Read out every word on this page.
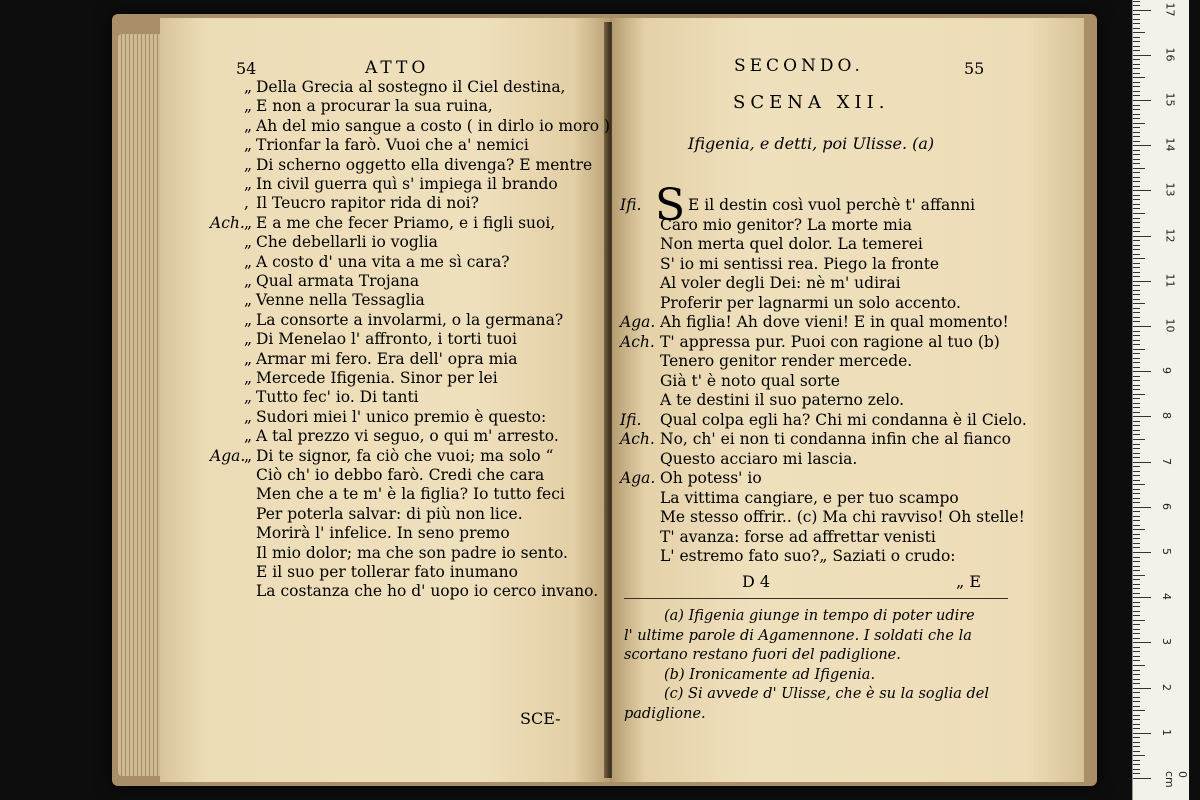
54	ATTO
„ Della Grecia al sostegno il Ciel destina,
„ E non a procurar la sua ruina,
„ Ah del mio sangue a costo ( in dirlo io moro )
„ Trionfar la farò. Vuoi che a' nemici
„ Di scherno oggetto ella divenga? E mentre
„ In civil guerra quì s' impiega il brando
, Il Teucro rapitor rida di noi?
Ach.„ E a me che fecer Priamo, e i figli suoi,
„ Che debellarli io voglia
„ A costo d' una vita a me sì cara?
„ Qual armata Trojana
„ Venne nella Tessaglia
„ La consorte a involarmi, o la germana?
„ Di Menelao l' affronto, i torti tuoi
„ Armar mi fero. Era dell' opra mia
„ Mercede Ifigenia. Sinor per lei
„ Tutto fec' io. Di tanti
„ Sudori miei l' unico premio è questo:
„ A tal prezzo vi seguo, o qui m' arresto.
Aga.„ Di te signor, fa ciò che vuoi; ma solo “
Ciò ch' io debbo farò. Credi che cara
Men che a te m' è la figlia? Io tutto feci
Per poterla salvar: di più non lice.
Morirà l' infelice. In seno premo
Il mio dolor; ma che son padre io sento.
E il suo per tollerar fato inumano
La costanza che ho d' uopo io cerco invano.
SCE-
SECONDO.	55
SCENA XII.
Ifigenia, e detti, poi Ulisse. (a)
S
Ifi.	E il destin così vuol perchè t' affanni
Caro mio genitor? La morte mia
Non merta quel dolor. La temerei
S' io mi sentissi rea. Piego la fronte
Al voler degli Dei: nè m' udirai
Proferir per lagnarmi un solo accento.
Aga. Ah figlia! Ah dove vieni! E in qual momento!
Ach. T' appressa pur. Puoi con ragione al tuo (b)
Tenero genitor render mercede.
Già t' è noto qual sorte
A te destini il suo paterno zelo.
Ifi. Qual colpa egli ha? Chi mi condanna è il Cielo.
Ach. No, ch' ei non ti condanna infin che al fianco
Questo acciaro mi lascia.
Aga. Oh potess' io
La vittima cangiare, e per tuo scampo
Me stesso offrir.. (c) Ma chi ravviso! Oh stelle!
T' avanza: forse ad affrettar venisti
L' estremo fato suo?„ Saziati o crudo:
D 4	„ E
(a) Ifigenia giunge in tempo di poter udire
l' ultime parole di Agamennone. I soldati che la
scortano restano fuori del padiglione.
(b) Ironicamente ad Ifigenia.
(c) Si avvede d' Ulisse, che è su la soglia del
padiglione.
17
16
15
14
13
12
11
10
9
8
7
6
5
4
3
2
1
0 cm
